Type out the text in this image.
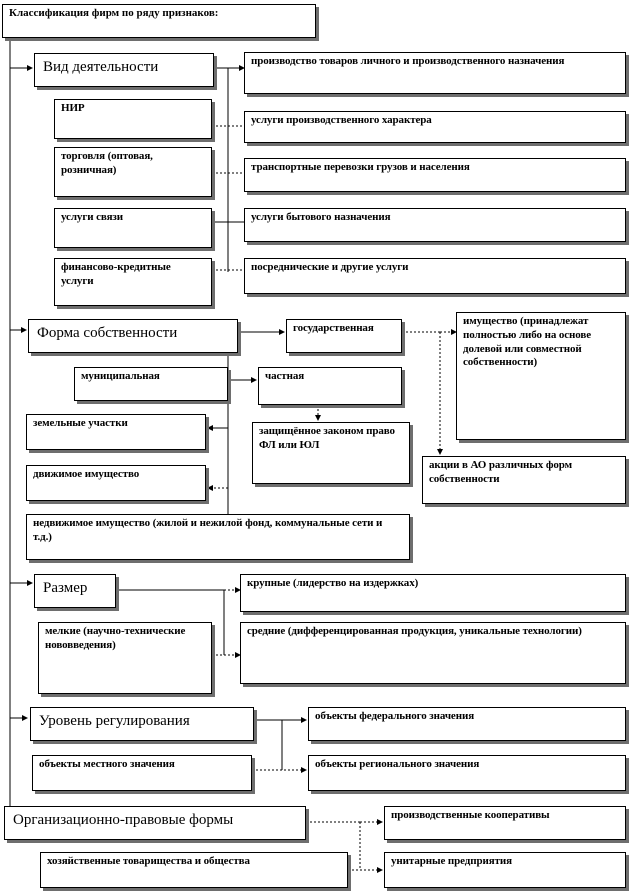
Классификация фирм по ряду признаков:
Вид деятельности	производство товаров личного и производственного назначения
НИР
услуги производственного характера
торговля (оптовая, розничная)	транспортные перевозки грузов и населения
услуги связи	услуги бытового назначения
финансово-кредитные услуги
посреднические и другие услуги
Форма собственности	государственная
имущество (принадлежат полностью либо на основе долевой или совместной собственности)
муниципальная	частная
земельные участки
защищённое законом право ФЛ или ЮЛ
акции в АО различных форм собственности
движимое имущество
недвижимое имущество (жилой и нежилой фонд, коммунальные сети и т.д.)
Размер	крупные (лидерство на издержках)
мелкие (научно-технические нововведения)
средние (дифференцированная продукция, уникальные технологии)
Уровень регулирования	объекты федерального значения
объекты местного значения	объекты регионального значения
Организационно-правовые формы	производственные кооперативы
хозяйственные товарищества и общества	унитарные предприятия
